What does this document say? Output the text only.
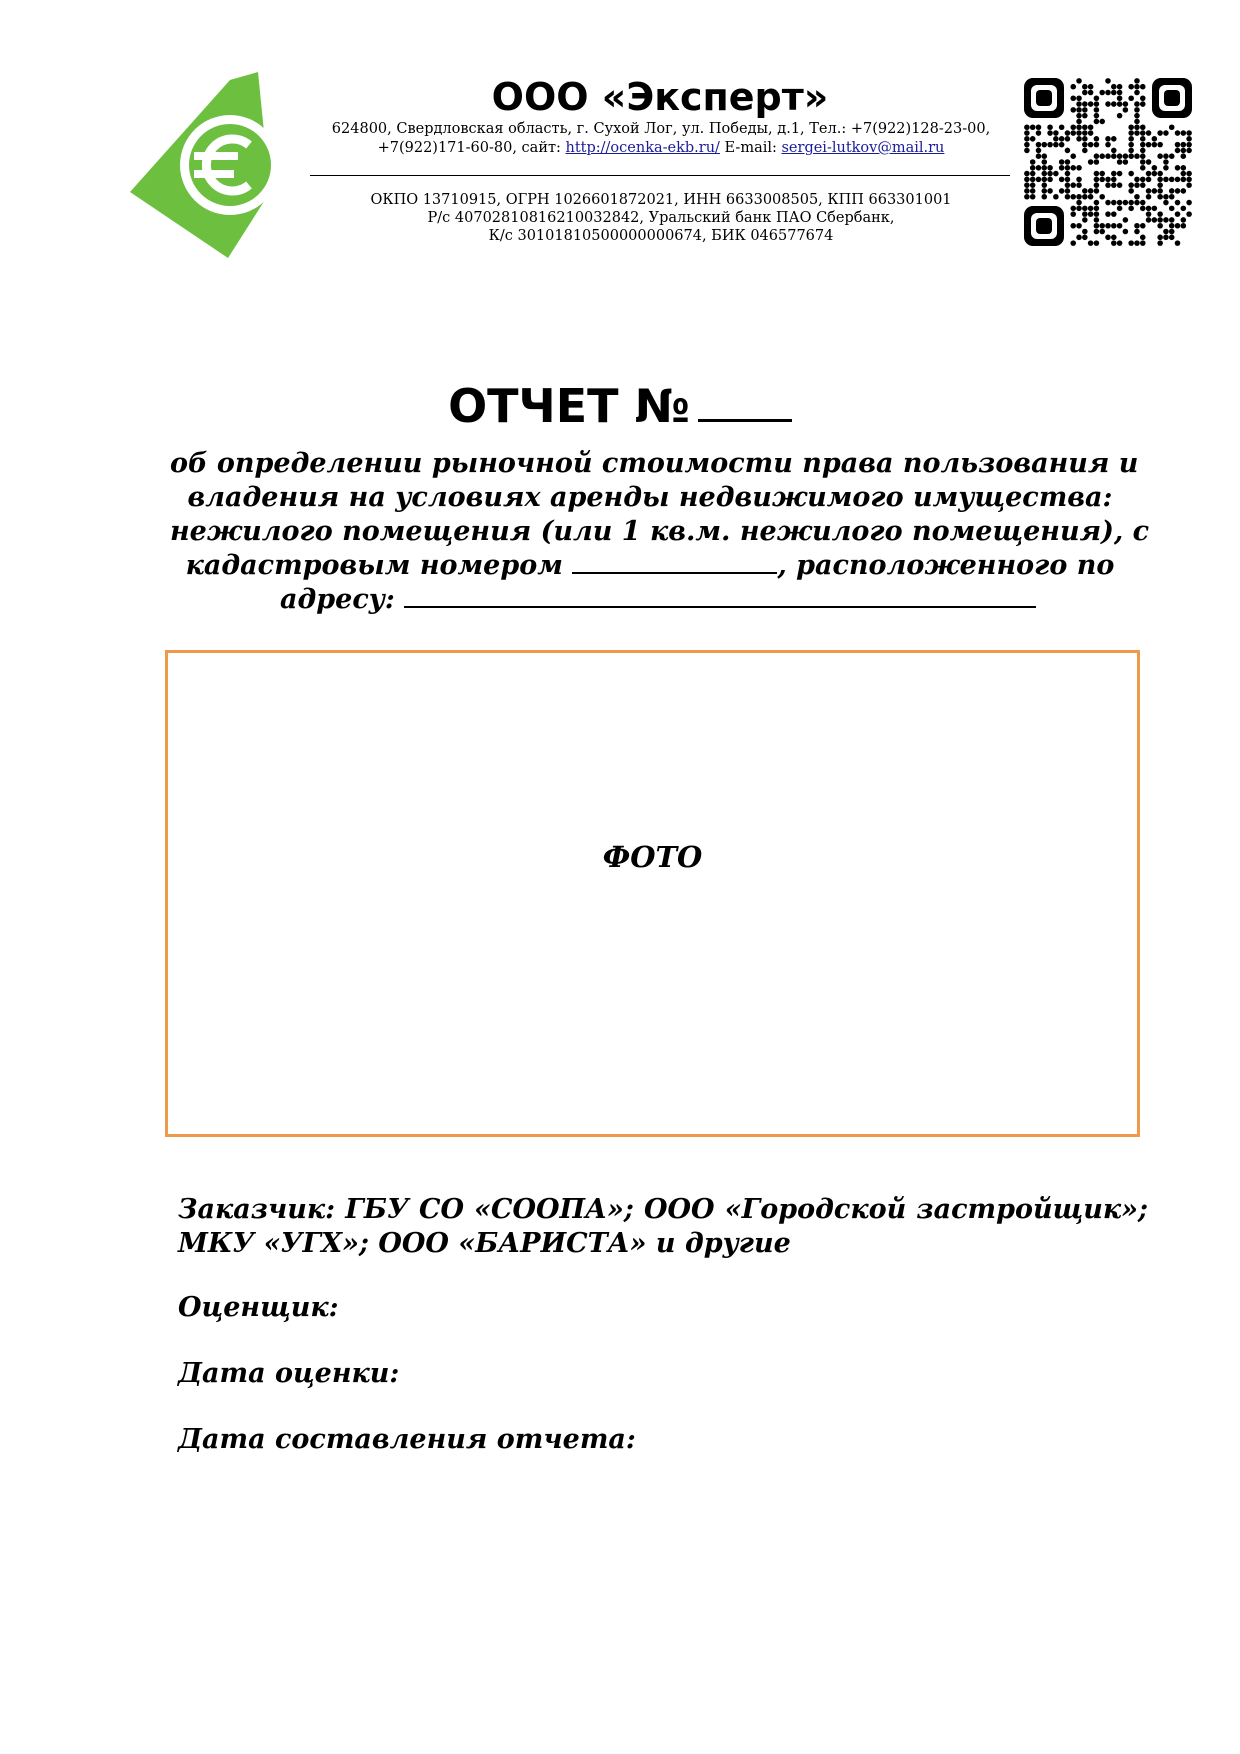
ООО «Эксперт»
624800, Свердловская область, г. Сухой Лог, ул. Победы, д.1, Тел.: +7(922)128-23-00,
+7(922)171-60-80, сайт: http://ocenka-ekb.ru/ E-mail: sergei-lutkov@mail.ru
ОКПО 13710915, ОГРН 1026601872021, ИНН 6633008505, КПП 663301001
Р/с 40702810816210032842, Уральский банк ПАО Сбербанк,
К/с 30101810500000000674, БИК 046577674
ОТЧЕТ №
об определении рыночной стоимости права пользования и
владения на условиях аренды недвижимого имущества:
нежилого помещения (или 1 кв.м. нежилого помещения), с
кадастровым номером	, расположенного по
адресу:
ФОТО
Заказчик: ГБУ СО «СООПА»; ООО «Городской застройщик»; МКУ «УГХ»; ООО «БАРИСТА» и другие
Оценщик:
Дата оценки:
Дата составления отчета:
